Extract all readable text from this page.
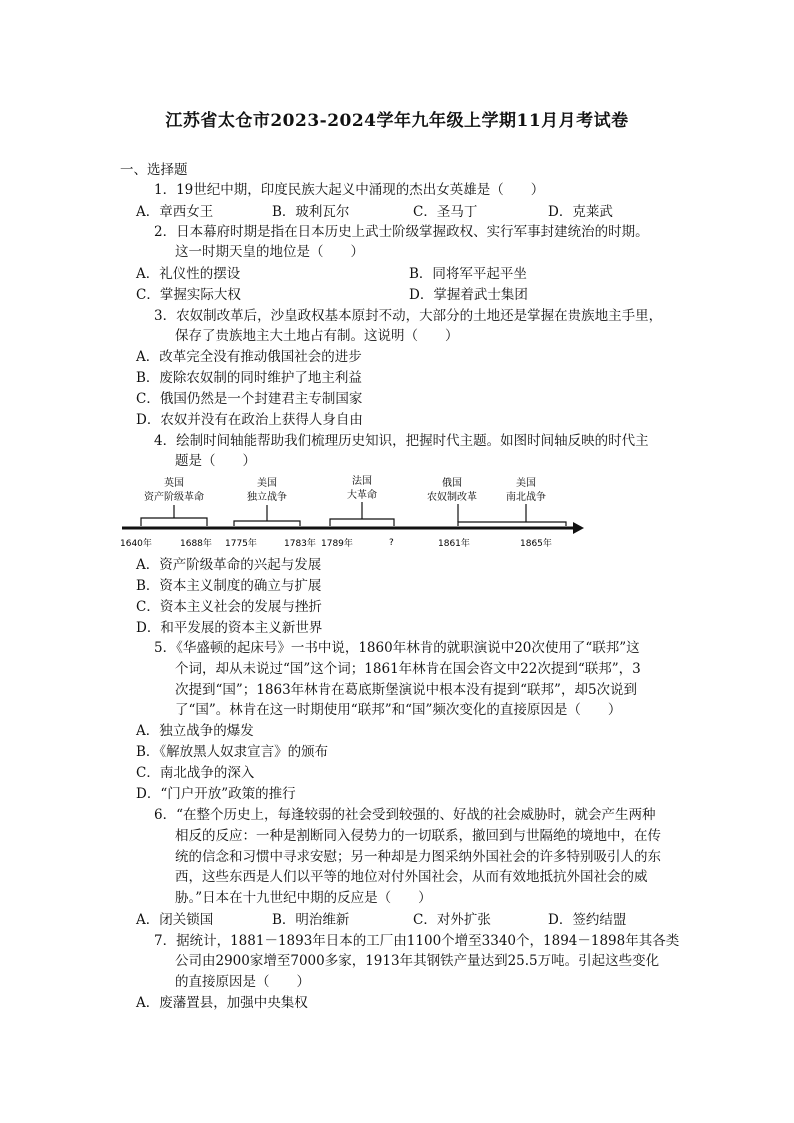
江苏省太仓市2023-2024学年九年级上学期11月月考试卷
一、选择题
1．19世纪中期，印度民族大起义中涌现的杰出女英雄是（　　）
A．章西女王	B．玻利瓦尔	C．圣马丁	D．克莱武
2．日本幕府时期是指在日本历史上武士阶级掌握政权、实行军事封建统治的时期。
这一时期天皇的地位是（　　）
A．礼仪性的摆设	B．同将军平起平坐
C．掌握实际大权	D．掌握着武士集团
3．农奴制改革后，沙皇政权基本原封不动，大部分的土地还是掌握在贵族地主手里，
保存了贵族地主大土地占有制。这说明（　　）
A．改革完全没有推动俄国社会的进步
B．废除农奴制的同时维护了地主利益
C．俄国仍然是一个封建君主专制国家
D．农奴并没有在政治上获得人身自由
4．绘制时间轴能帮助我们梳理历史知识，把握时代主题。如图时间轴反映的时代主
题是（　　）
英国
资产阶级革命
美国
独立战争
法国
大革命
俄国
农奴制改革
美国
南北战争
1640年	1688年 1775年	1783年 1789年	?	1861年	1865年
A．资产阶级革命的兴起与发展
B．资本主义制度的确立与扩展
C．资本主义社会的发展与挫折
D．和平发展的资本主义新世界
5．《华盛顿的起床号》一书中说，1860年林肯的就职演说中20次使用了“联邦”这
个词，却从未说过“国”这个词；1861年林肯在国会咨文中22次提到“联邦”，3
次提到“国”；1863年林肯在葛底斯堡演说中根本没有提到“联邦”，却5次说到
了“国”。林肯在这一时期使用“联邦”和“国”频次变化的直接原因是（　　）
A．独立战争的爆发
B．《解放黑人奴隶宣言》的颁布
C．南北战争的深入
D．“门户开放”政策的推行
6．“在整个历史上，每逢较弱的社会受到较强的、好战的社会威胁时，就会产生两种
相反的反应：一种是割断同入侵势力的一切联系，撤回到与世隔绝的境地中，在传
统的信念和习惯中寻求安慰；另一种却是力图采纳外国社会的许多特别吸引人的东
西，这些东西是人们以平等的地位对付外国社会，从而有效地抵抗外国社会的威
胁。”日本在十九世纪中期的反应是（　　）
A．闭关锁国	B．明治维新	C．对外扩张	D．签约结盟
7．据统计，1881－1893年日本的工厂由1100个增至3340个，1894－1898年其各类
公司由2900家增至7000多家，1913年其钢铁产量达到25.5万吨。引起这些变化
的直接原因是（　　）
A．废藩置县，加强中央集权
